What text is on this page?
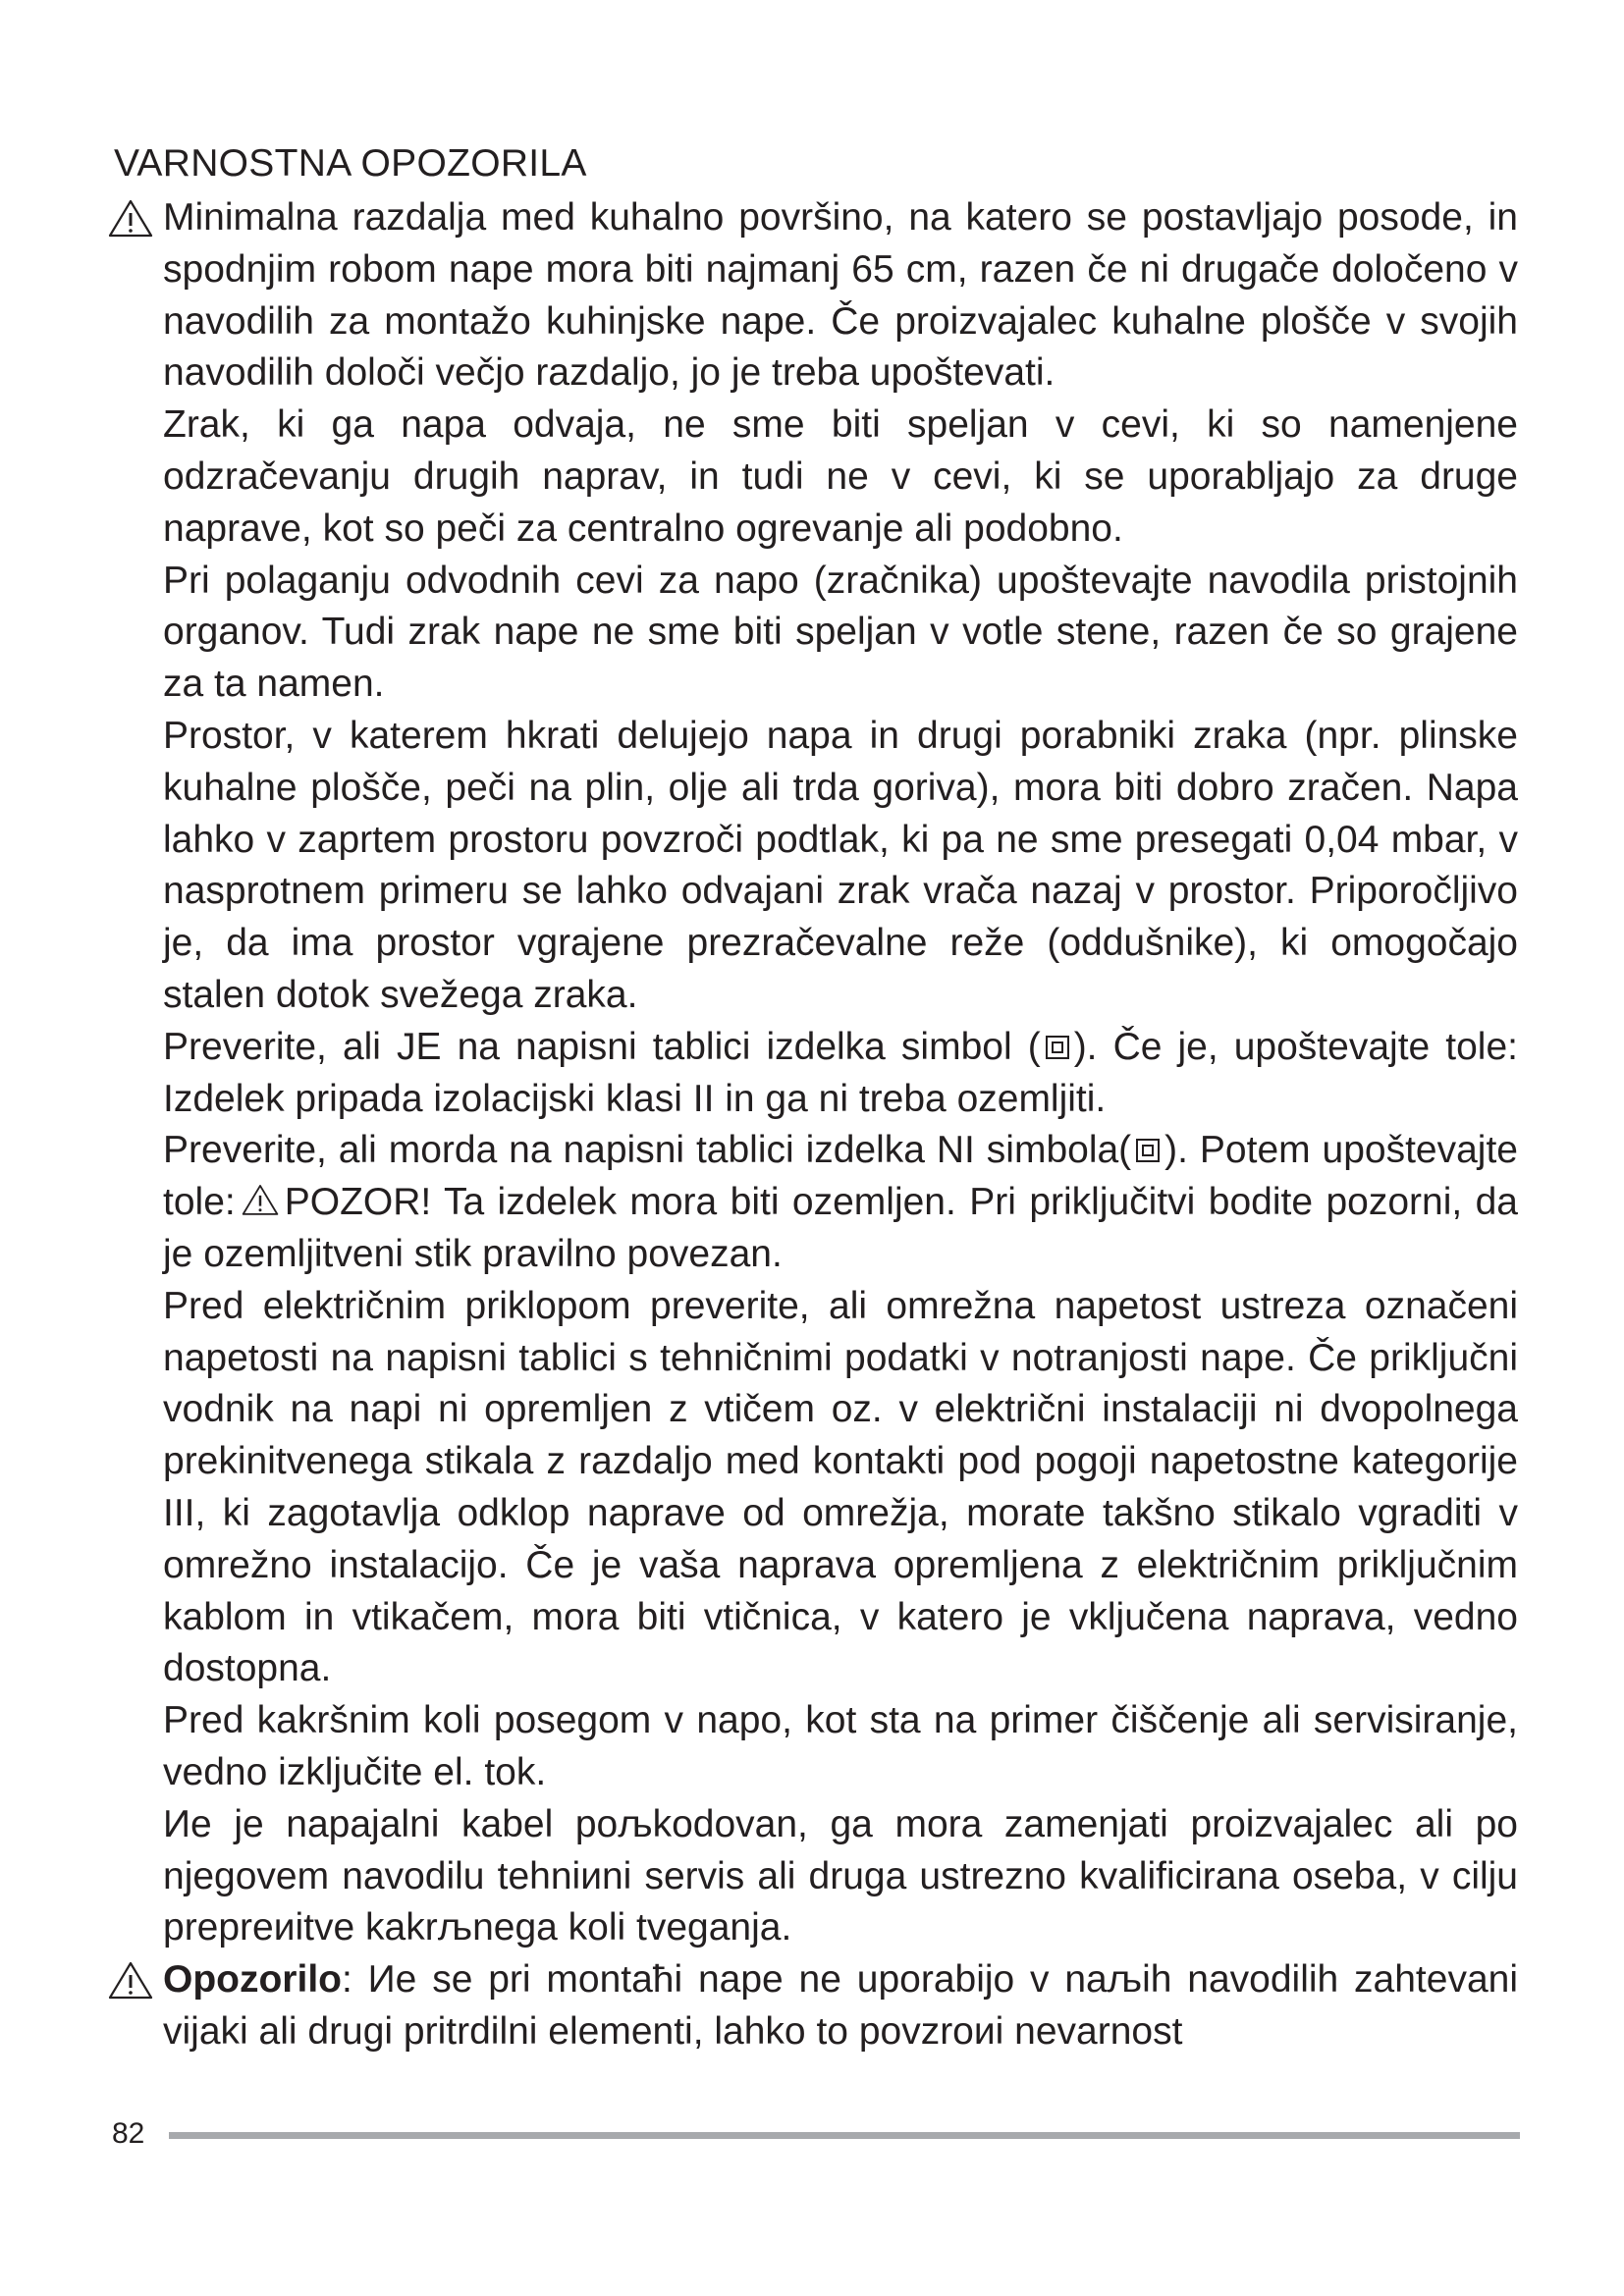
VARNOSTNA OPOZORILA

Minimalna razdalja med kuhalno površino, na katero se postavljajo posode, in spodnjim robom nape mora biti najmanj 65 cm, razen če ni drugače določeno v navodilih za montažo kuhinjske nape. Če proizvajalec kuhalne plošče v svojih navodilih določi večjo razdaljo, jo je treba upoštevati.

Zrak, ki ga napa odvaja, ne sme biti speljan v cevi, ki so namenjene odzračevanju drugih naprav, in tudi ne v cevi, ki se uporabljajo za druge naprave, kot so peči za centralno ogrevanje ali podobno.

Pri polaganju odvodnih cevi za napo (zračnika) upoštevajte navodila pristojnih organov. Tudi zrak nape ne sme biti speljan v votle stene, razen če so grajene za ta namen.

Prostor, v katerem hkrati delujejo napa in drugi porabniki zraka (npr. plinske kuhalne plošče, peči na plin, olje ali trda goriva), mora biti dobro zračen. Napa lahko v zaprtem prostoru povzroči podtlak, ki pa ne sme presegati 0,04 mbar, v nasprotnem primeru se lahko odvajani zrak vrača nazaj v prostor. Priporočljivo je, da ima prostor vgrajene prezračevalne reže (oddušnike), ki omogočajo stalen dotok svežega zraka.

Preverite, ali JE na napisni tablici izdelka simbol ( ). Če je, upoštevajte tole: Izdelek pripada izolacijski klasi II in ga ni treba ozemljiti.

Preverite, ali morda na napisni tablici izdelka NI simbola( ). Potem upoštevajte tole: POZOR! Ta izdelek mora biti ozemljen. Pri priključitvi bodite pozorni, da je ozemljitveni stik pravilno povezan.

Pred električnim priklopom preverite, ali omrežna napetost ustreza označeni napetosti na napisni tablici s tehničnimi podatki v notranjosti nape. Če priključni vodnik na napi ni opremljen z vtičem oz. v električni instalaciji ni dvopolnega prekinitvenega stikala z razdaljo med kontakti pod pogoji napetostne kategorije III, ki zagotavlja odklop naprave od omrežja, morate takšno stikalo vgraditi v omrežno instalacijo. Če je vaša naprava opremljena z električnim priključnim kablom in vtikačem, mora biti vtičnica, v katero je vključena naprava, vedno dostopna.

Pred kakršnim koli posegom v napo, kot sta na primer čiščenje ali servisiranje, vedno izključite el. tok.

Иe je napajalni kabel poљkodovan, ga mora zamenjati proizvajalec ali po njegovem navodilu tehniиni servis ali druga ustrezno kvalificirana oseba, v cilju prepreиitve kakrљnega koli tveganja.

Opozorilo: Иe se pri montaћi nape ne uporabijo v naљih navodilih zahtevani vijaki ali drugi pritrdilni elementi, lahko to povzroиi nevarnost

82
